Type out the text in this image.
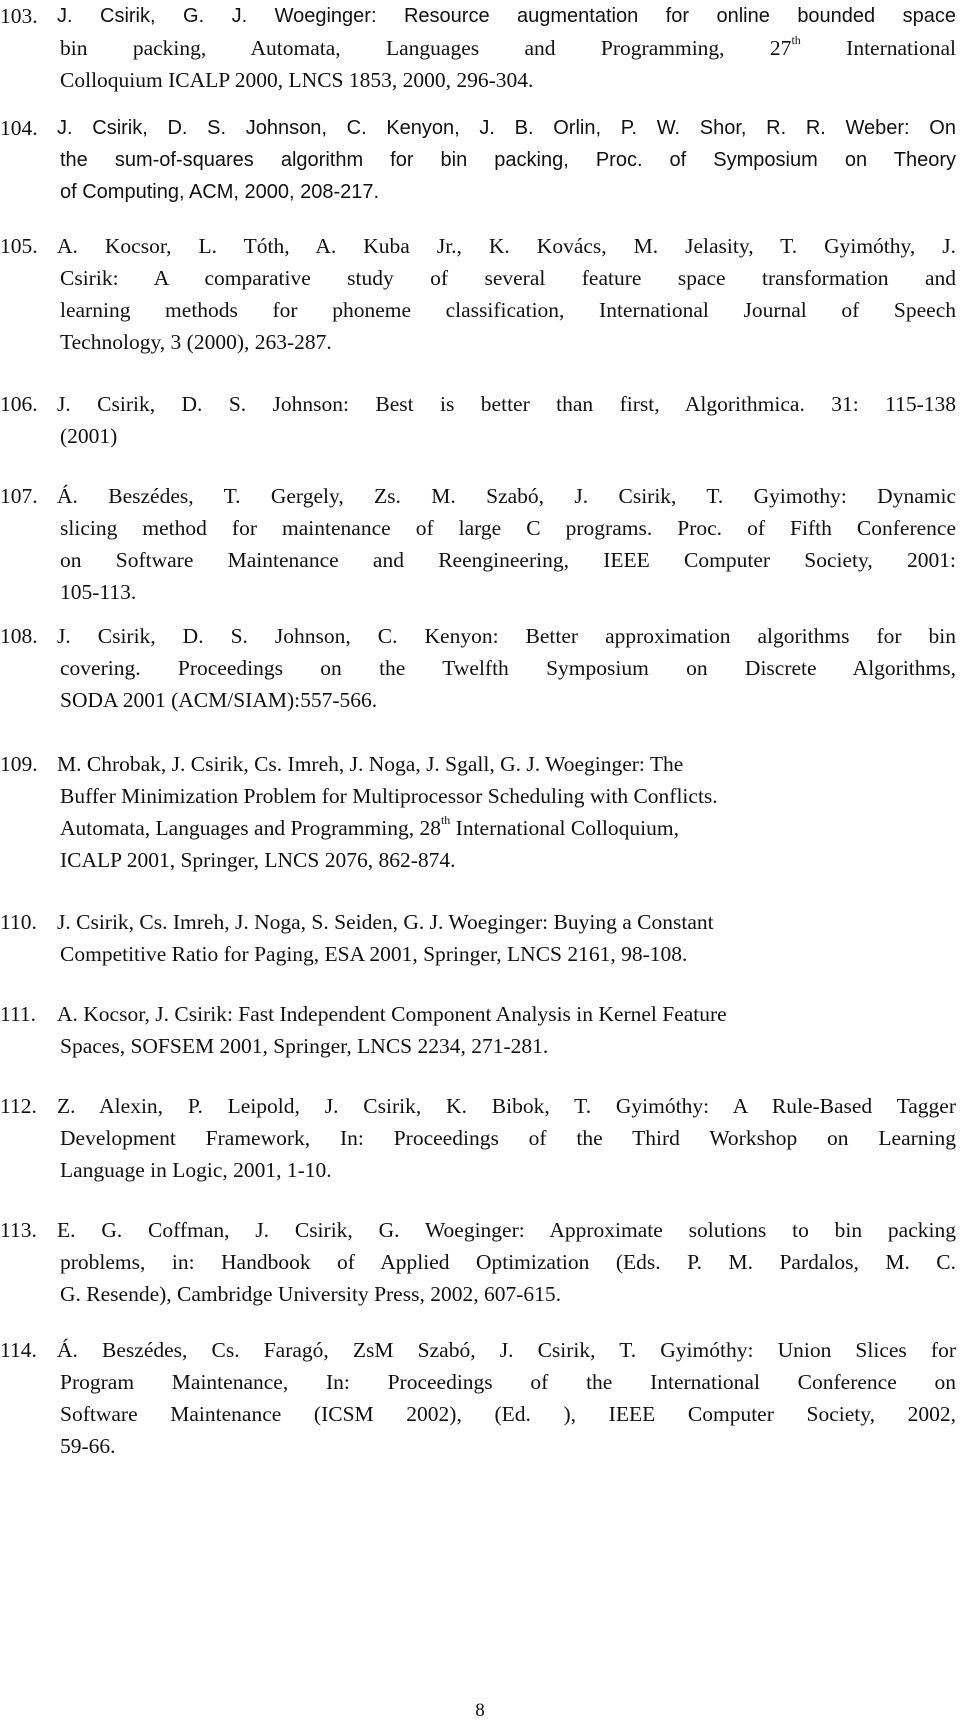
103. J. Csirik, G. J. Woeginger: Resource augmentation for online bounded space
bin packing, Automata, Languages and Programming, 27th International
Colloquium ICALP 2000, LNCS 1853, 2000, 296-304.
104. J. Csirik, D. S. Johnson, C. Kenyon, J. B. Orlin, P. W. Shor, R. R. Weber: On
the sum-of-squares algorithm for bin packing, Proc. of Symposium on Theory
of Computing, ACM, 2000, 208-217.
105. A. Kocsor, L. Tóth, A. Kuba Jr., K. Kovács, M. Jelasity, T. Gyimóthy, J.
Csirik: A comparative study of several feature space transformation and
learning methods for phoneme classification, International Journal of Speech
Technology, 3 (2000), 263-287.
106. J. Csirik, D. S. Johnson: Best is better than first, Algorithmica. 31: 115-138
(2001)
107. Á. Beszédes, T. Gergely, Zs. M. Szabó, J. Csirik, T. Gyimothy: Dynamic
slicing method for maintenance of large C programs. Proc. of Fifth Conference
on Software Maintenance and Reengineering, IEEE Computer Society, 2001:
105-113.
108. J. Csirik, D. S. Johnson, C. Kenyon: Better approximation algorithms for bin
covering. Proceedings on the Twelfth Symposium on Discrete Algorithms,
SODA 2001 (ACM/SIAM):557-566.
109. M. Chrobak, J. Csirik, Cs. Imreh, J. Noga, J. Sgall, G. J. Woeginger: The
Buffer Minimization Problem for Multiprocessor Scheduling with Conflicts.
Automata, Languages and Programming, 28th International Colloquium,
ICALP 2001, Springer, LNCS 2076, 862-874.
110. J. Csirik, Cs. Imreh, J. Noga, S. Seiden, G. J. Woeginger: Buying a Constant
Competitive Ratio for Paging, ESA 2001, Springer, LNCS 2161, 98-108.
111. A. Kocsor, J. Csirik: Fast Independent Component Analysis in Kernel Feature
Spaces, SOFSEM 2001, Springer, LNCS 2234, 271-281.
112. Z. Alexin, P. Leipold, J. Csirik, K. Bibok, T. Gyimóthy: A Rule-Based Tagger
Development Framework, In: Proceedings of the Third Workshop on Learning
Language in Logic, 2001, 1-10.
113. E. G. Coffman, J. Csirik, G. Woeginger: Approximate solutions to bin packing
problems, in: Handbook of Applied Optimization (Eds. P. M. Pardalos, M. C.
G. Resende), Cambridge University Press, 2002, 607-615.
114. Á. Beszédes, Cs. Faragó, ZsM Szabó, J. Csirik, T. Gyimóthy: Union Slices for
Program Maintenance, In: Proceedings of the International Conference on
Software Maintenance (ICSM 2002), (Ed. ), IEEE Computer Society, 2002,
59-66.
8
